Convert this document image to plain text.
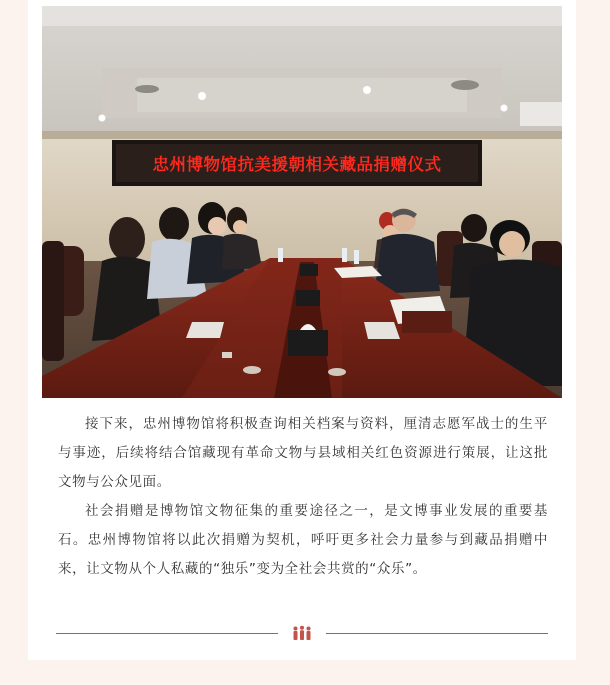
忠州博物馆抗美援朝相关藏品捐赠仪式

接下来，忠州博物馆将积极查询相关档案与资料，厘清志愿军战士的生平与事迹，后续将结合馆藏现有革命文物与县域相关红色资源进行策展，让这批文物与公众见面。

社会捐赠是博物馆文物征集的重要途径之一，是文博事业发展的重要基石。忠州博物馆将以此次捐赠为契机，呼吁更多社会力量参与到藏品捐赠中来，让文物从个人私藏的“独乐”变为全社会共赏的“众乐”。
